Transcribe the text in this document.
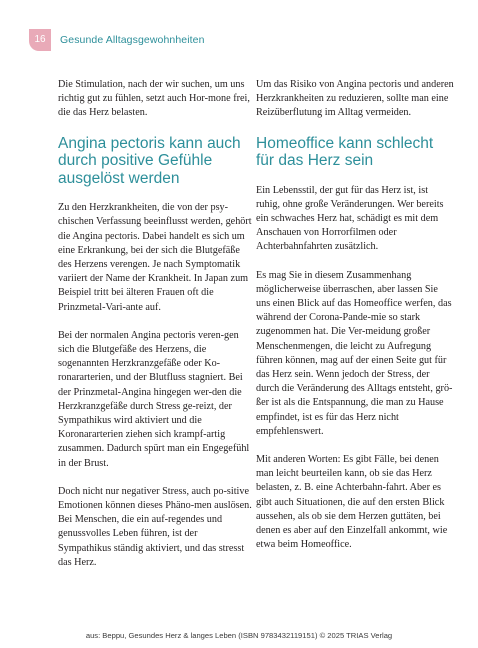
16	Gesunde Alltagsgewohnheiten

Die Stimulation, nach der wir suchen, um uns richtig gut zu fühlen, setzt auch Hor-mone frei, die das Herz belasten.

Angina pectoris kann auch durch positive Gefühle ausgelöst werden

Zu den Herzkrankheiten, die von der psy-chischen Verfassung beeinflusst werden, gehört die Angina pectoris. Dabei handelt es sich um eine Erkrankung, bei der sich die Blutgefäße des Herzens verengen. Je nach Symptomatik variiert der Name der Krankheit. In Japan zum Beispiel tritt bei älteren Frauen oft die Prinzmetal-Vari-ante auf.

Bei der normalen Angina pectoris veren-gen sich die Blutgefäße des Herzens, die sogenannten Herzkranzgefäße oder Ko-ronararterien, und der Blutfluss stagniert. Bei der Prinzmetal-Angina hingegen wer-den die Herzkranzgefäße durch Stress ge-reizt, der Sympathikus wird aktiviert und die Koronararterien ziehen sich krampf-artig zusammen. Dadurch spürt man ein Engegefühl in der Brust.

Doch nicht nur negativer Stress, auch po-sitive Emotionen können dieses Phäno-men auslösen. Bei Menschen, die ein auf-regendes und genussvolles Leben führen, ist der Sympathikus ständig aktiviert, und das stresst das Herz.

Um das Risiko von Angina pectoris und anderen Herzkrankheiten zu reduzieren, sollte man eine Reizüberflutung im Alltag vermeiden.

Homeoffice kann schlecht für das Herz sein

Ein Lebensstil, der gut für das Herz ist, ist ruhig, ohne große Veränderungen. Wer bereits ein schwaches Herz hat, schädigt es mit dem Anschauen von Horrorfilmen oder Achterbahnfahrten zusätzlich.

Es mag Sie in diesem Zusammenhang möglicherweise überraschen, aber lassen Sie uns einen Blick auf das Homeoffice werfen, das während der Corona-Pande-mie so stark zugenommen hat. Die Ver-meidung großer Menschenmengen, die leicht zu Aufregung führen können, mag auf der einen Seite gut für das Herz sein. Wenn jedoch der Stress, der durch die Veränderung des Alltags entsteht, grö-ßer ist als die Entspannung, die man zu Hause empfindet, ist es für das Herz nicht empfehlenswert.

Mit anderen Worten: Es gibt Fälle, bei denen man leicht beurteilen kann, ob sie das Herz belasten, z. B. eine Achterbahn-fahrt. Aber es gibt auch Situationen, die auf den ersten Blick aussehen, als ob sie dem Herzen guttäten, bei denen es aber auf den Einzelfall ankommt, wie etwa beim Homeoffice.

aus: Beppu, Gesundes Herz & langes Leben (ISBN 9783432119151) © 2025 TRIAS Verlag
